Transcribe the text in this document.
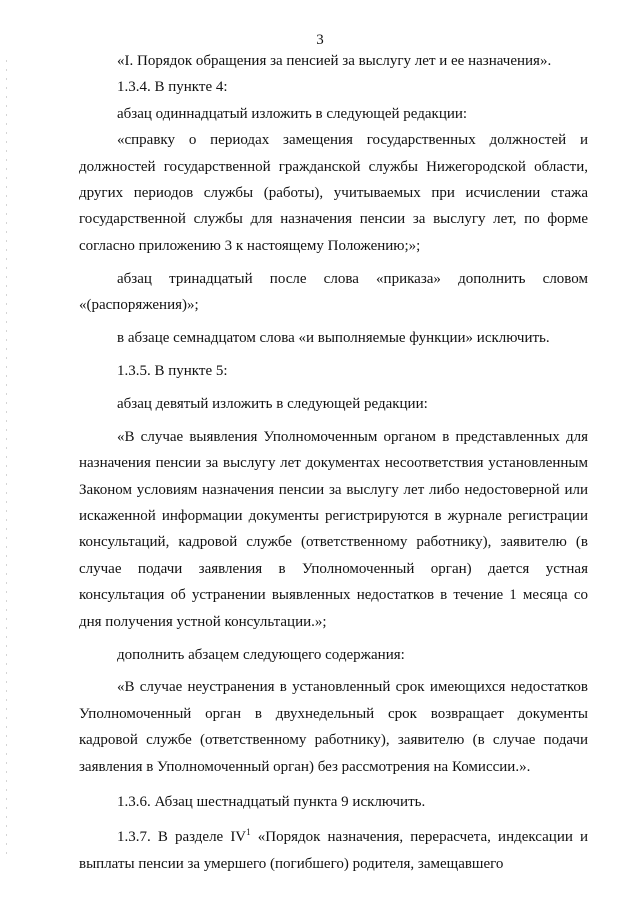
3

«I. Порядок обращения за пенсией за выслугу лет и ее назначения».

1.3.4. В пункте 4:

абзац одиннадцатый изложить в следующей редакции:

«справку о периодах замещения государственных должностей и должностей государственной гражданской службы Нижегородской области, других периодов службы (работы), учитываемых при исчислении стажа государственной службы для назначения пенсии за выслугу лет, по форме согласно приложению 3 к настоящему Положению;»;

абзац тринадцатый после слова «приказа» дополнить словом «(распоряжения)»;

в абзаце семнадцатом слова «и выполняемые функции» исключить.

1.3.5. В пункте 5:

абзац девятый изложить в следующей редакции:

«В случае выявления Уполномоченным органом в представленных для назначения пенсии за выслугу лет документах несоответствия установленным Законом условиям назначения пенсии за выслугу лет либо недостоверной или искаженной информации документы регистрируются в журнале регистрации консультаций, кадровой службе (ответственному работнику), заявителю (в случае подачи заявления в Уполномоченный орган) дается устная консультация об устранении выявленных недостатков в течение 1 месяца со дня получения устной консультации.»;

дополнить абзацем следующего содержания:

«В случае неустранения в установленный срок имеющихся недостатков Уполномоченный орган в двухнедельный срок возвращает документы кадровой службе (ответственному работнику), заявителю (в случае подачи заявления в Уполномоченный орган) без рассмотрения на Комиссии.».

1.3.6. Абзац шестнадцатый пункта 9 исключить.

1.3.7. В разделе $IV^1$ «Порядок назначения, перерасчета, индексации и выплаты пенсии за умершего (погибшего) родителя, замещавшего
